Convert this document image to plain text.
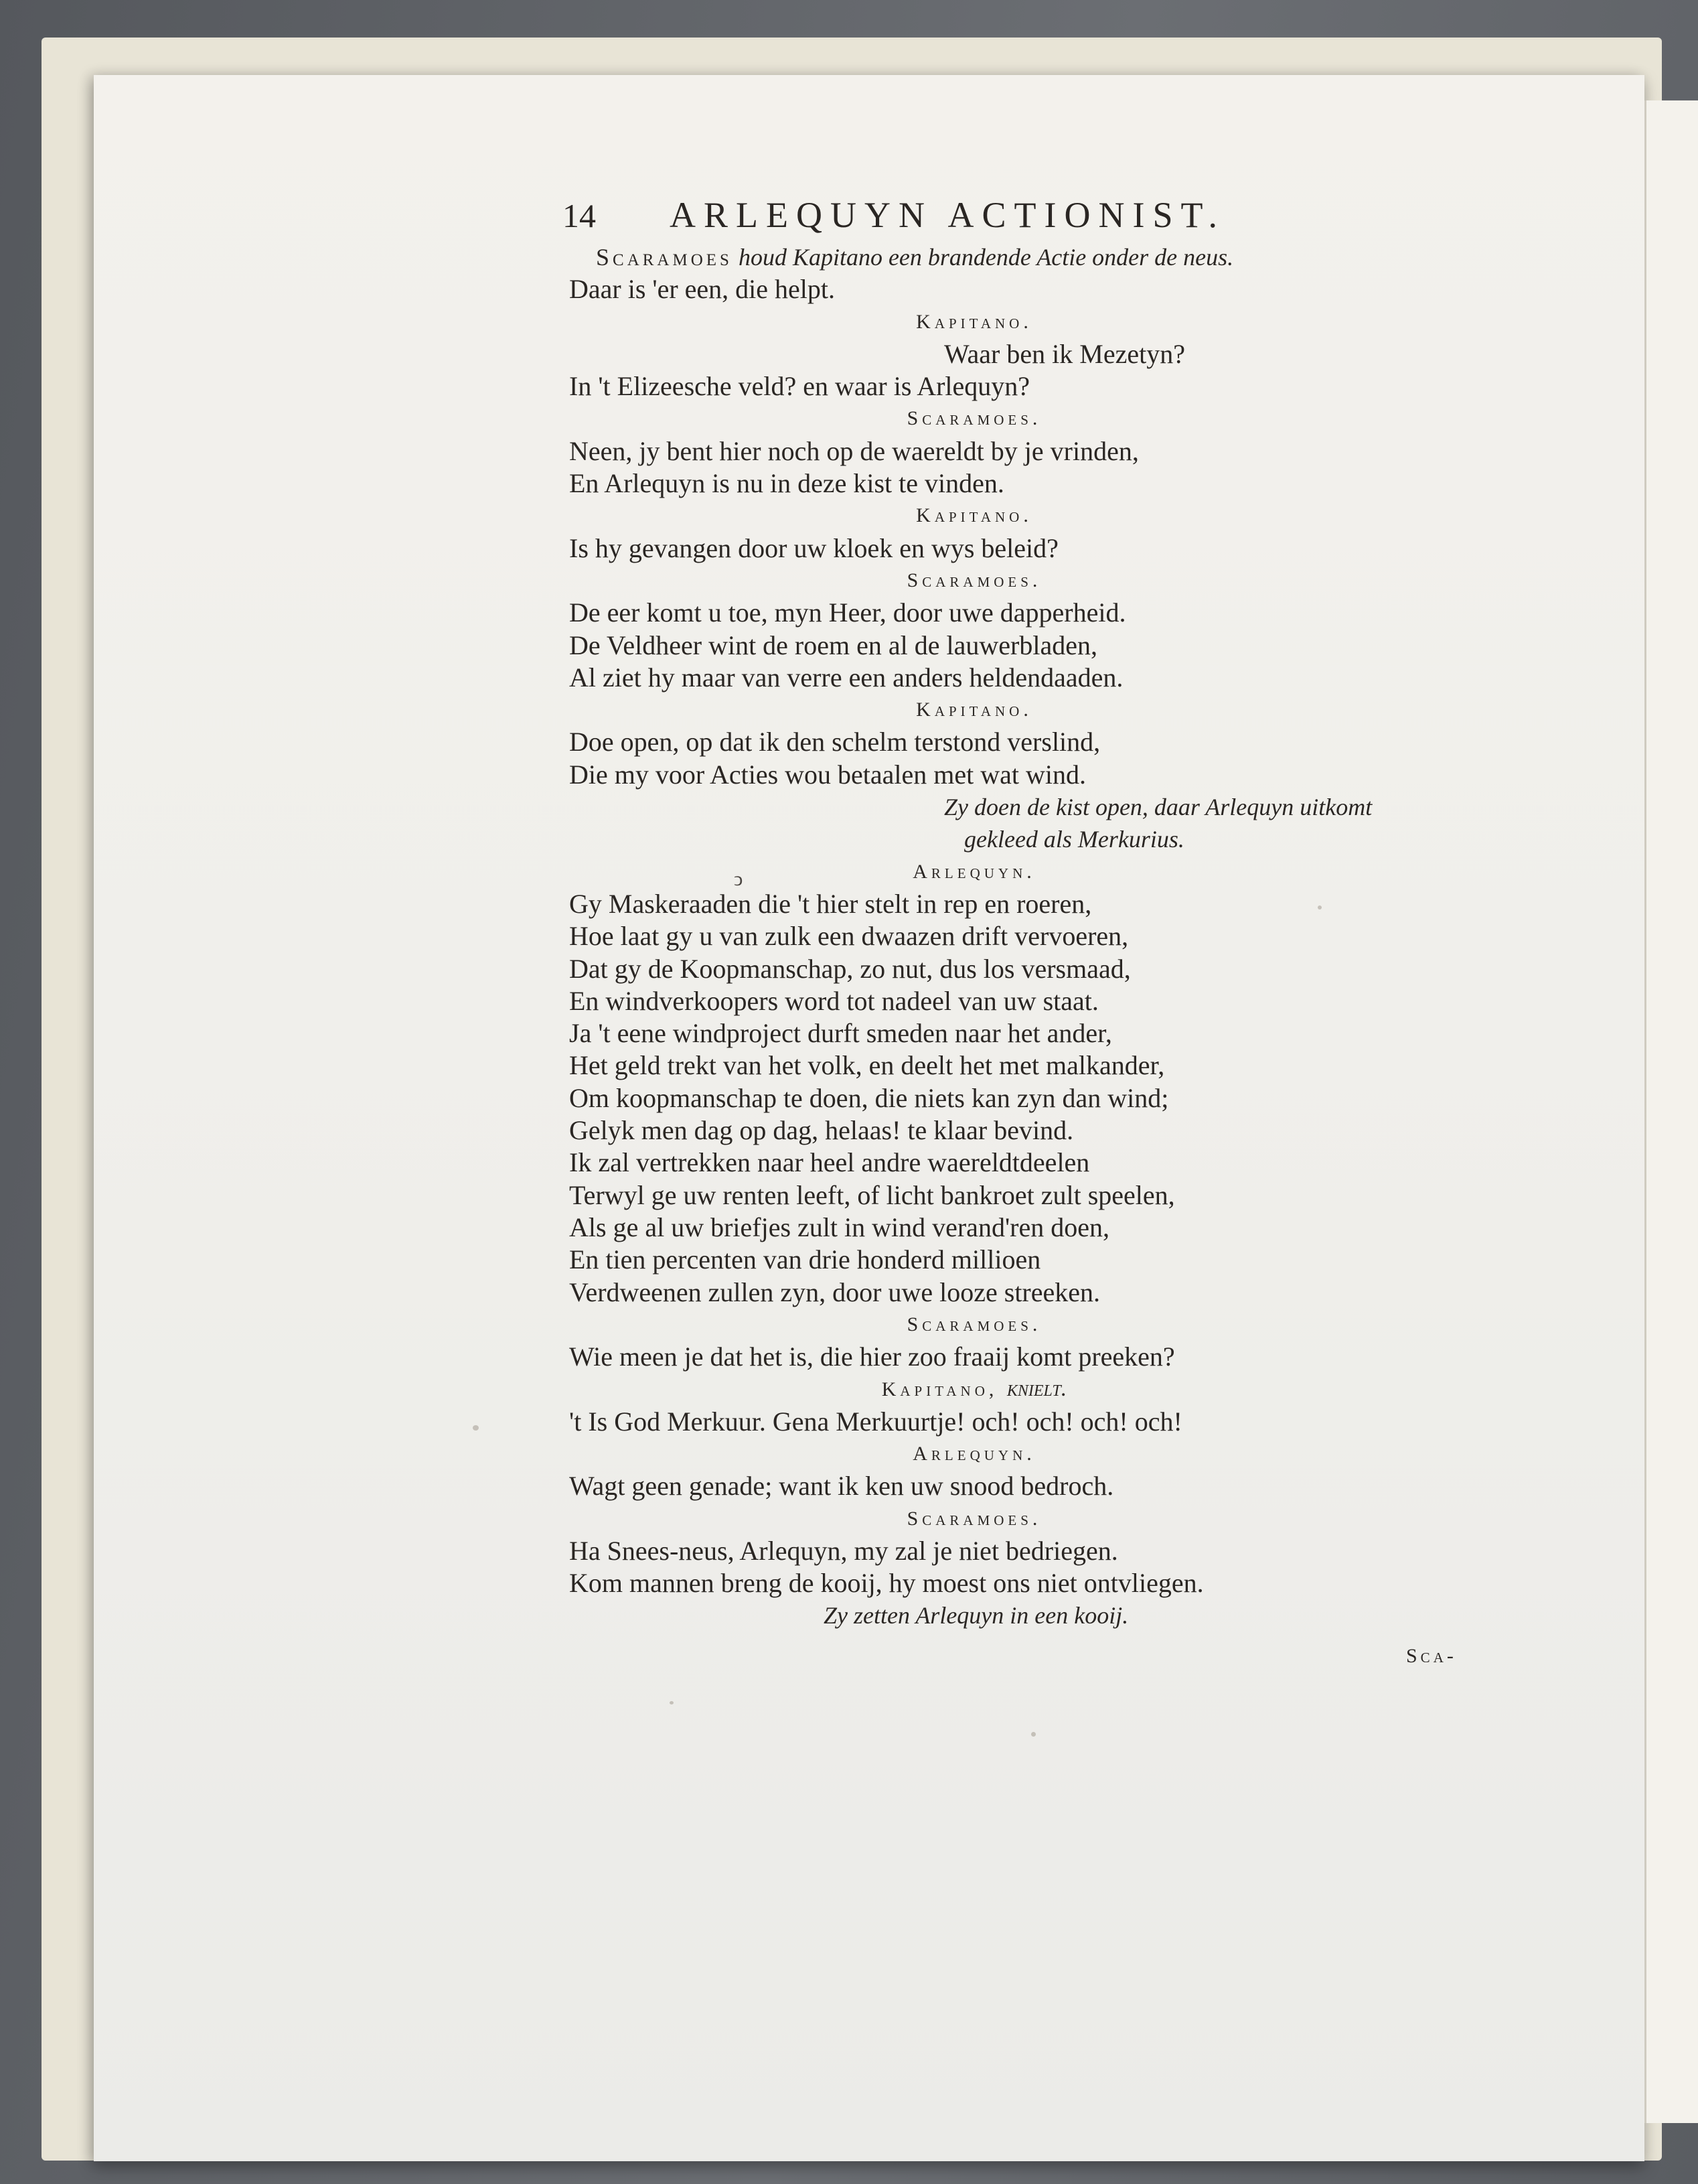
14	ARLEQUYN ACTIONIST.
Scaramoes houd Kapitano een brandende Actie onder de neus.
Daar is 'er een, die helpt.
Kapitano.
Waar ben ik Mezetyn?
In 't Elizeesche veld? en waar is Arlequyn?
Scaramoes.
Neen, jy bent hier noch op de waereldt by je vrinden,
En Arlequyn is nu in deze kist te vinden.
Kapitano.
Is hy gevangen door uw kloek en wys beleid?
Scaramoes.
De eer komt u toe, myn Heer, door uwe dapperheid.
De Veldheer wint de roem en al de lauwerbladen,
Al ziet hy maar van verre een anders heldendaaden.
Kapitano.
Doe open, op dat ik den schelm terstond verslind,
Die my voor Acties wou betaalen met wat wind.
Zy doen de kist open, daar Arlequyn uitkomt
gekleed als Merkurius.
Arlequyn.
Gy Maskeraaden die 't hier stelt in rep en roeren,
Hoe laat gy u van zulk een dwaazen drift vervoeren,
Dat gy de Koopmanschap, zo nut, dus los versmaad,
En windverkoopers word tot nadeel van uw staat.
Ja 't eene windproject durft smeden naar het ander,
Het geld trekt van het volk, en deelt het met malkander,
Om koopmanschap te doen, die niets kan zyn dan wind;
Gelyk men dag op dag, helaas! te klaar bevind.
Ik zal vertrekken naar heel andre waereldtdeelen
Terwyl ge uw renten leeft, of licht bankroet zult speelen,
Als ge al uw briefjes zult in wind verand'ren doen,
En tien percenten van drie honderd millioen
Verdweenen zullen zyn, door uwe looze streeken.
Scaramoes.
Wie meen je dat het is, die hier zoo fraaij komt preeken?
Kapitano, knielt.
't Is God Merkuur. Gena Merkuurtje! och! och! och! och!
Arlequyn.
Wagt geen genade; want ik ken uw snood bedroch.
Scaramoes.
Ha Snees-neus, Arlequyn, my zal je niet bedriegen.
Kom mannen breng de kooij, hy moest ons niet ontvliegen.
Zy zetten Arlequyn in een kooij.
ↄ
Sca-
